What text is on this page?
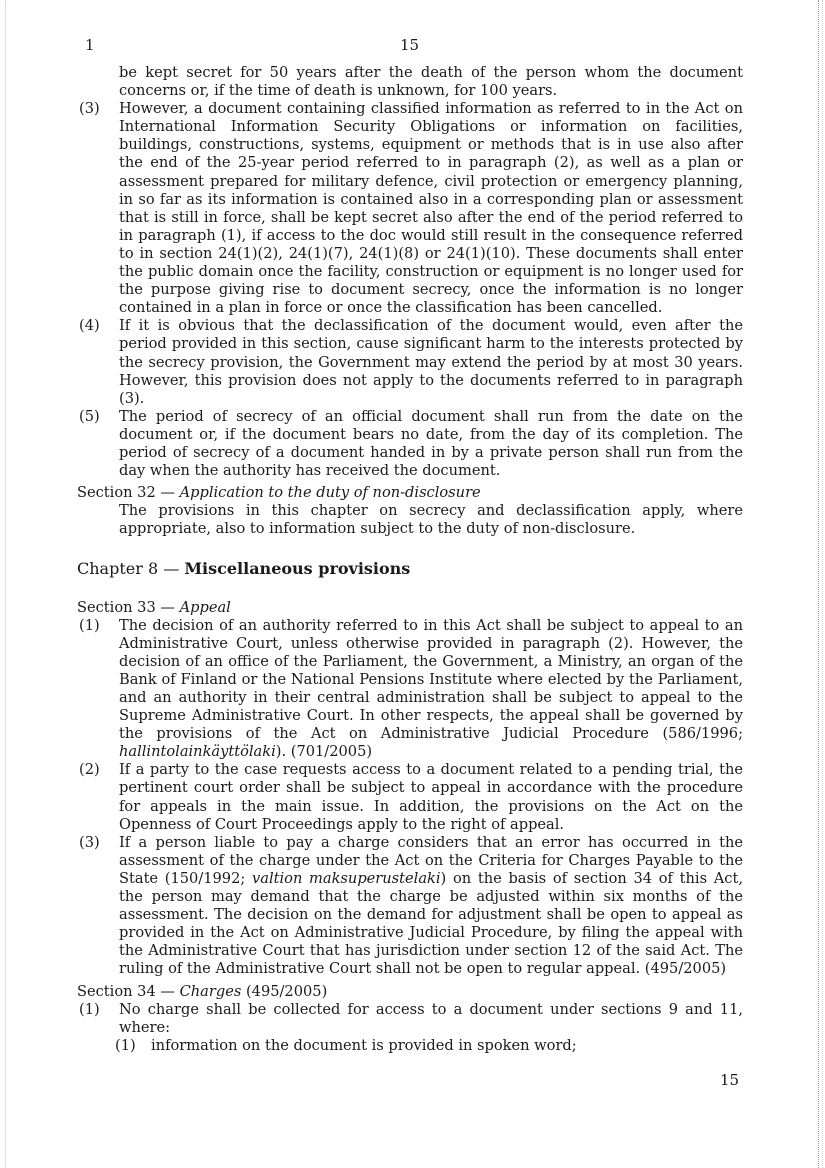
1	15

be kept secret for 50 years after the death of the person whom the document concerns or, if the time of death is unknown, for 100 years.

(3) However, a document containing classified information as referred to in the Act on International Information Security Obligations or information on facilities, buildings, constructions, systems, equipment or methods that is in use also after the end of the 25-year period referred to in paragraph (2), as well as a plan or assessment prepared for military defence, civil protection or emergency planning, in so far as its information is contained also in a corresponding plan or assessment that is still in force, shall be kept secret also after the end of the period referred to in paragraph (1), if access to the doc would still result in the consequence referred to in section 24(1)(2), 24(1)(7), 24(1)(8) or 24(1)(10). These documents shall enter the public domain once the facility, construction or equipment is no longer used for the purpose giving rise to document secrecy, once the information is no longer contained in a plan in force or once the classification has been cancelled.

(4) If it is obvious that the declassification of the document would, even after the period provided in this section, cause significant harm to the interests protected by the secrecy provision, the Government may extend the period by at most 30 years. However, this provision does not apply to the documents referred to in paragraph (3).

(5) The period of secrecy of an official document shall run from the date on the document or, if the document bears no date, from the day of its completion. The period of secrecy of a document handed in by a private person shall run from the day when the authority has received the document.

Section 32 — Application to the duty of non-disclosure

The provisions in this chapter on secrecy and declassification apply, where appropriate, also to information subject to the duty of non-disclosure.

Chapter 8 — Miscellaneous provisions
Section 33 — Appeal
(1) The decision of an authority referred to in this Act shall be subject to appeal to an Administrative Court, unless otherwise provided in paragraph (2). However, the decision of an office of the Parliament, the Government, a Ministry, an organ of the Bank of Finland or the National Pensions Institute where elected by the Parliament, and an authority in their central administration shall be subject to appeal to the Supreme Administrative Court. In other respects, the appeal shall be governed by the provisions of the Act on Administrative Judicial Procedure (586/1996; hallintolainkäyttölaki). (701/2005)

(2) If a party to the case requests access to a document related to a pending trial, the pertinent court order shall be subject to appeal in accordance with the procedure for appeals in the main issue. In addition, the provisions on the Act on the Openness of Court Proceedings apply to the right of appeal.

(3) If a person liable to pay a charge considers that an error has occurred in the assessment of the charge under the Act on the Criteria for Charges Payable to the State (150/1992; valtion maksuperustelaki) on the basis of section 34 of this Act, the person may demand that the charge be adjusted within six months of the assessment. The decision on the demand for adjustment shall be open to appeal as provided in the Act on Administrative Judicial Procedure, by filing the appeal with the Administrative Court that has jurisdiction under section 12 of the said Act. The ruling of the Administrative Court shall not be open to regular appeal. (495/2005)

Section 34 — Charges (495/2005)
(1) No charge shall be collected for access to a document under sections 9 and 11, where:

(1) information on the document is provided in spoken word;

15
